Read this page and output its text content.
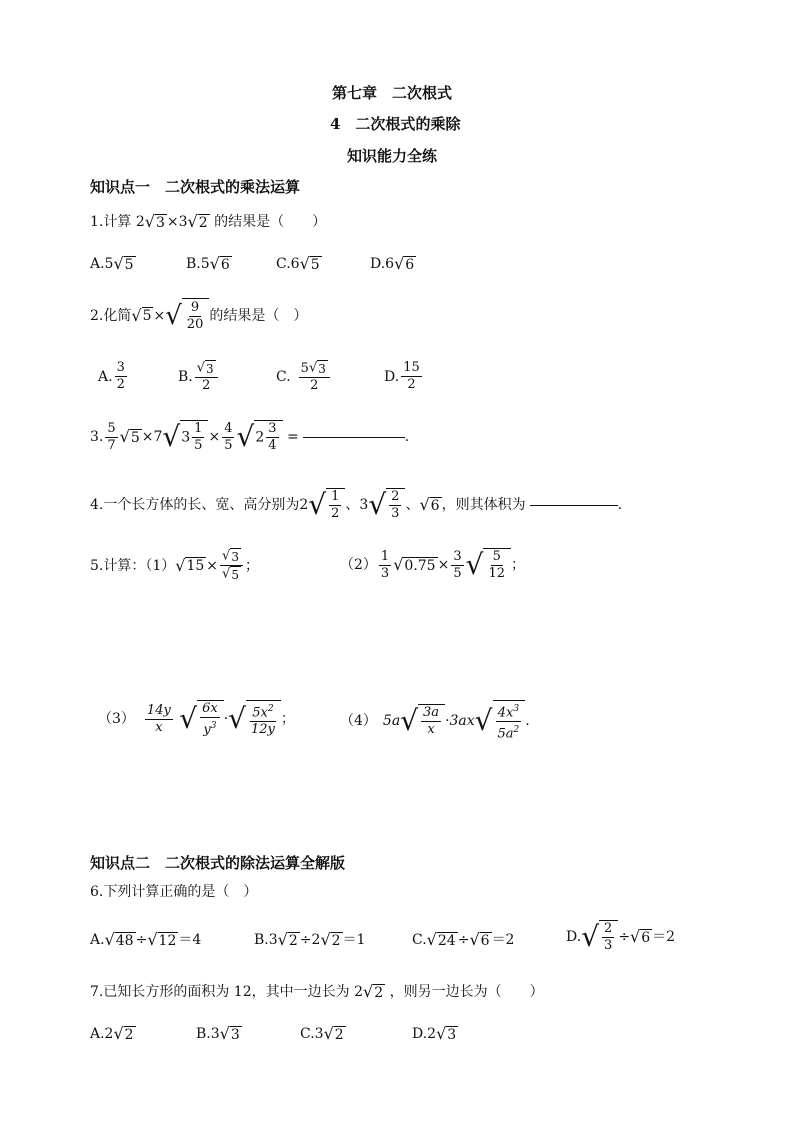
第七章　二次根式
4　二次根式的乘除
知识能力全练
知识点一　二次根式的乘法运算
1.计算 2√3 ×3√2 的结果是（　　）
A.5√5	B.5√6	C.6√5	D.6√6
2.化简 √ 5 × √ $\frac{9}{20}$ 的结果是（　）
A. $\frac{3}{2}$	B. $\frac{√3}{2}$	C. $\frac{5√3}{2}$	D. $\frac{15}{2}$
3. $\frac{5}{7}$ √ 5 ×7 √ $3 \frac{1}{5} \times \frac{4}{5}$ √ $2 \frac{3}{4}$ =	.
4.一个长方体的长、宽、高分别为 2 √ $\frac{1}{2}$ 、3 √ $\frac{2}{3}$ 、 √ 6 ，则其体积为	.
5.计算：（1） √ $15 \times \frac{√3}{√5}$ ；	$(2) \frac{1}{3}$ √ $0.75 \times \frac{3}{5}$ √ $\frac{5}{12}$ ；
$(3) \frac{14y}{x}$
√ $\frac{6x}{y^3}$ · √ $\frac{5x^2}{12y}$ ；	（4） 5a √ $\frac{3a}{x} \cdot 3ax$ √ $\frac{4x^3}{5a^2}$ .
知识点二　二次根式的除法运算全解版
6.下列计算正确的是（　）
A.√48 ÷√12 ＝4	B.3√2 ÷2√2 ＝1	C.√24 ÷√6 ＝2	D. √ $\frac{2}{3}$ ÷ √ 6 ＝2
7.已知长方形的面积为 12，其中一边长为 2√2 ，则另一边长为（　　）
A.2√2	B.3√3	C.3√2	D.2√3
